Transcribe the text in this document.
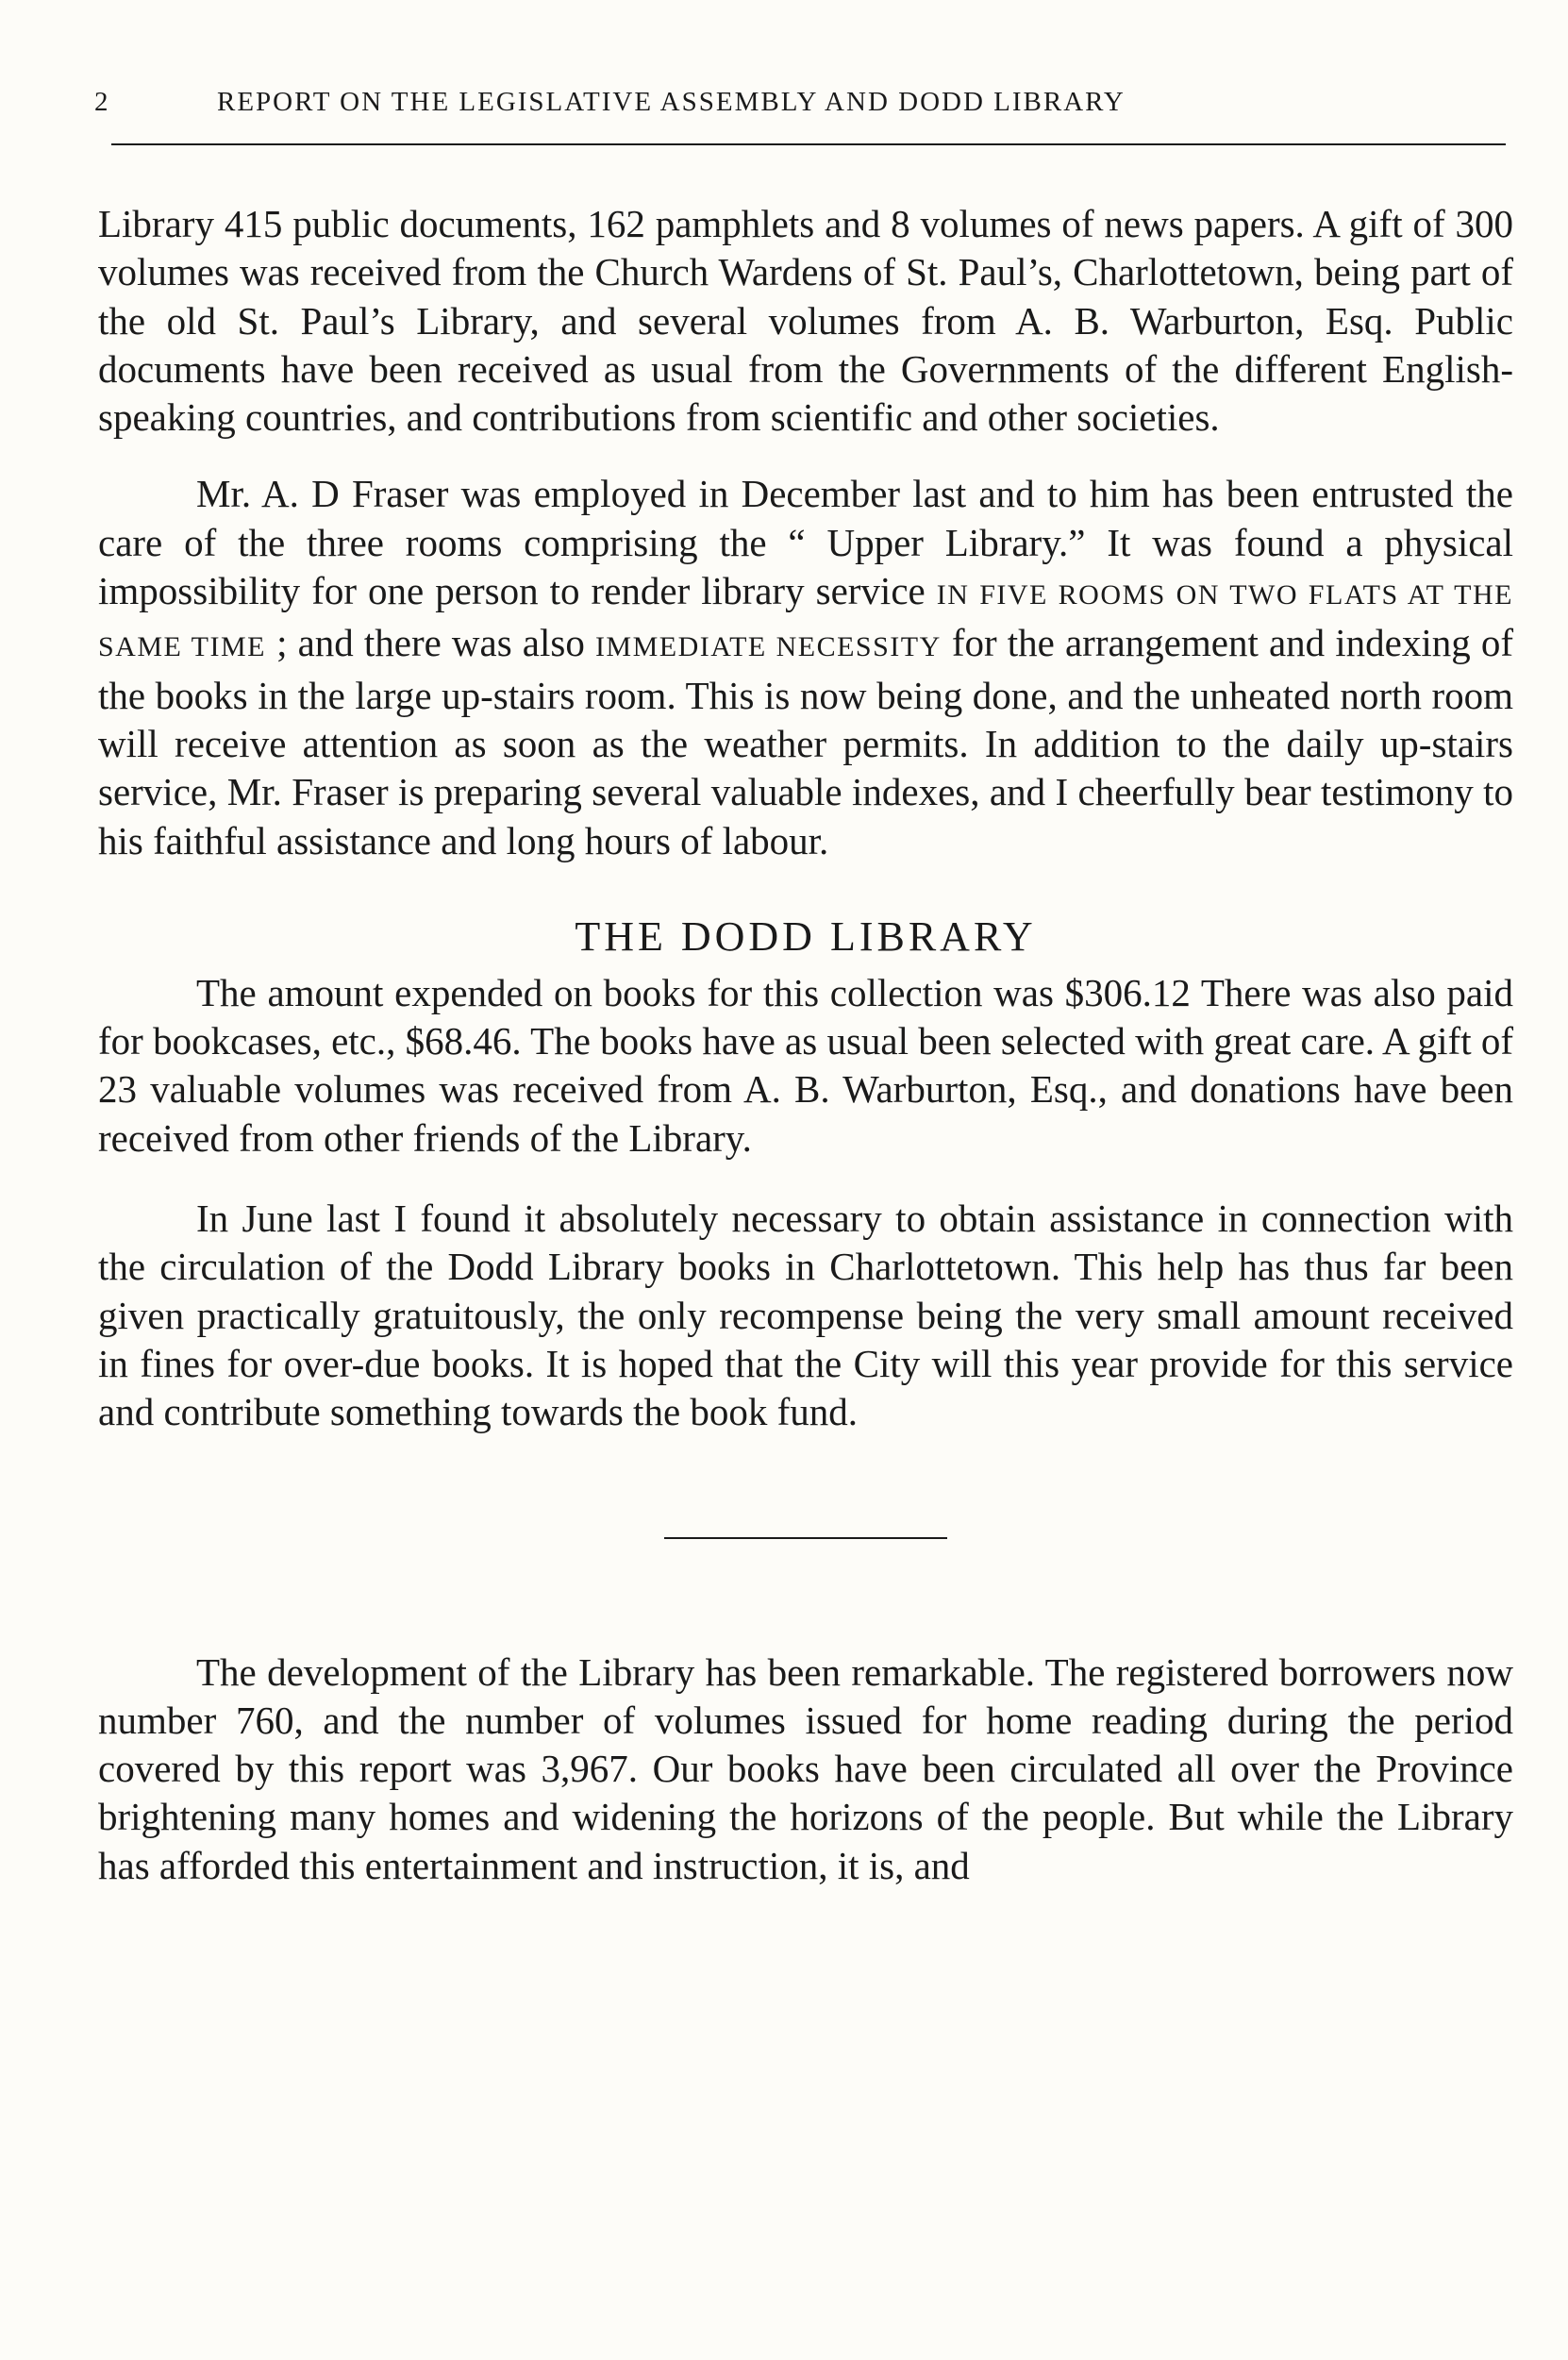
2	REPORT ON THE LEGISLATIVE ASSEMBLY AND DODD LIBRARY

Library 415 public documents, 162 pamphlets and 8 volumes of news papers. A gift of 300 volumes was received from the Church Wardens of St. Paul’s, Charlottetown, being part of the old St. Paul’s Library, and several volumes from A. B. Warburton, Esq. Public documents have been received as usual from the Governments of the different English-speaking countries, and contributions from scientific and other societies.

Mr. A. D Fraser was employed in December last and to him has been entrusted the care of the three rooms comprising the “ Upper Library.” It was found a physical impossibility for one person to render library service IN FIVE ROOMS ON TWO FLATS AT THE SAME TIME ; and there was also IMMEDIATE NECESSITY for the arrangement and indexing of the books in the large up-stairs room. This is now being done, and the unheated north room will receive attention as soon as the weather permits. In addition to the daily up-stairs service, Mr. Fraser is preparing several valuable indexes, and I cheerfully bear testimony to his faithful assistance and long hours of labour.

THE DODD LIBRARY

The amount expended on books for this collection was $306.12 There was also paid for bookcases, etc., $68.46. The books have as usual been selected with great care. A gift of 23 valuable volumes was received from A. B. Warburton, Esq., and donations have been received from other friends of the Library.

In June last I found it absolutely necessary to obtain assistance in connection with the circulation of the Dodd Library books in Charlottetown. This help has thus far been given practically gratuitously, the only recompense being the very small amount received in fines for over-due books. It is hoped that the City will this year provide for this service and contribute something towards the book fund.

The development of the Library has been remarkable. The registered borrowers now number 760, and the number of volumes issued for home reading during the period covered by this report was 3,967. Our books have been circulated all over the Province brightening many homes and widening the horizons of the people. But while the Library has afforded this entertainment and instruction, it is, and
